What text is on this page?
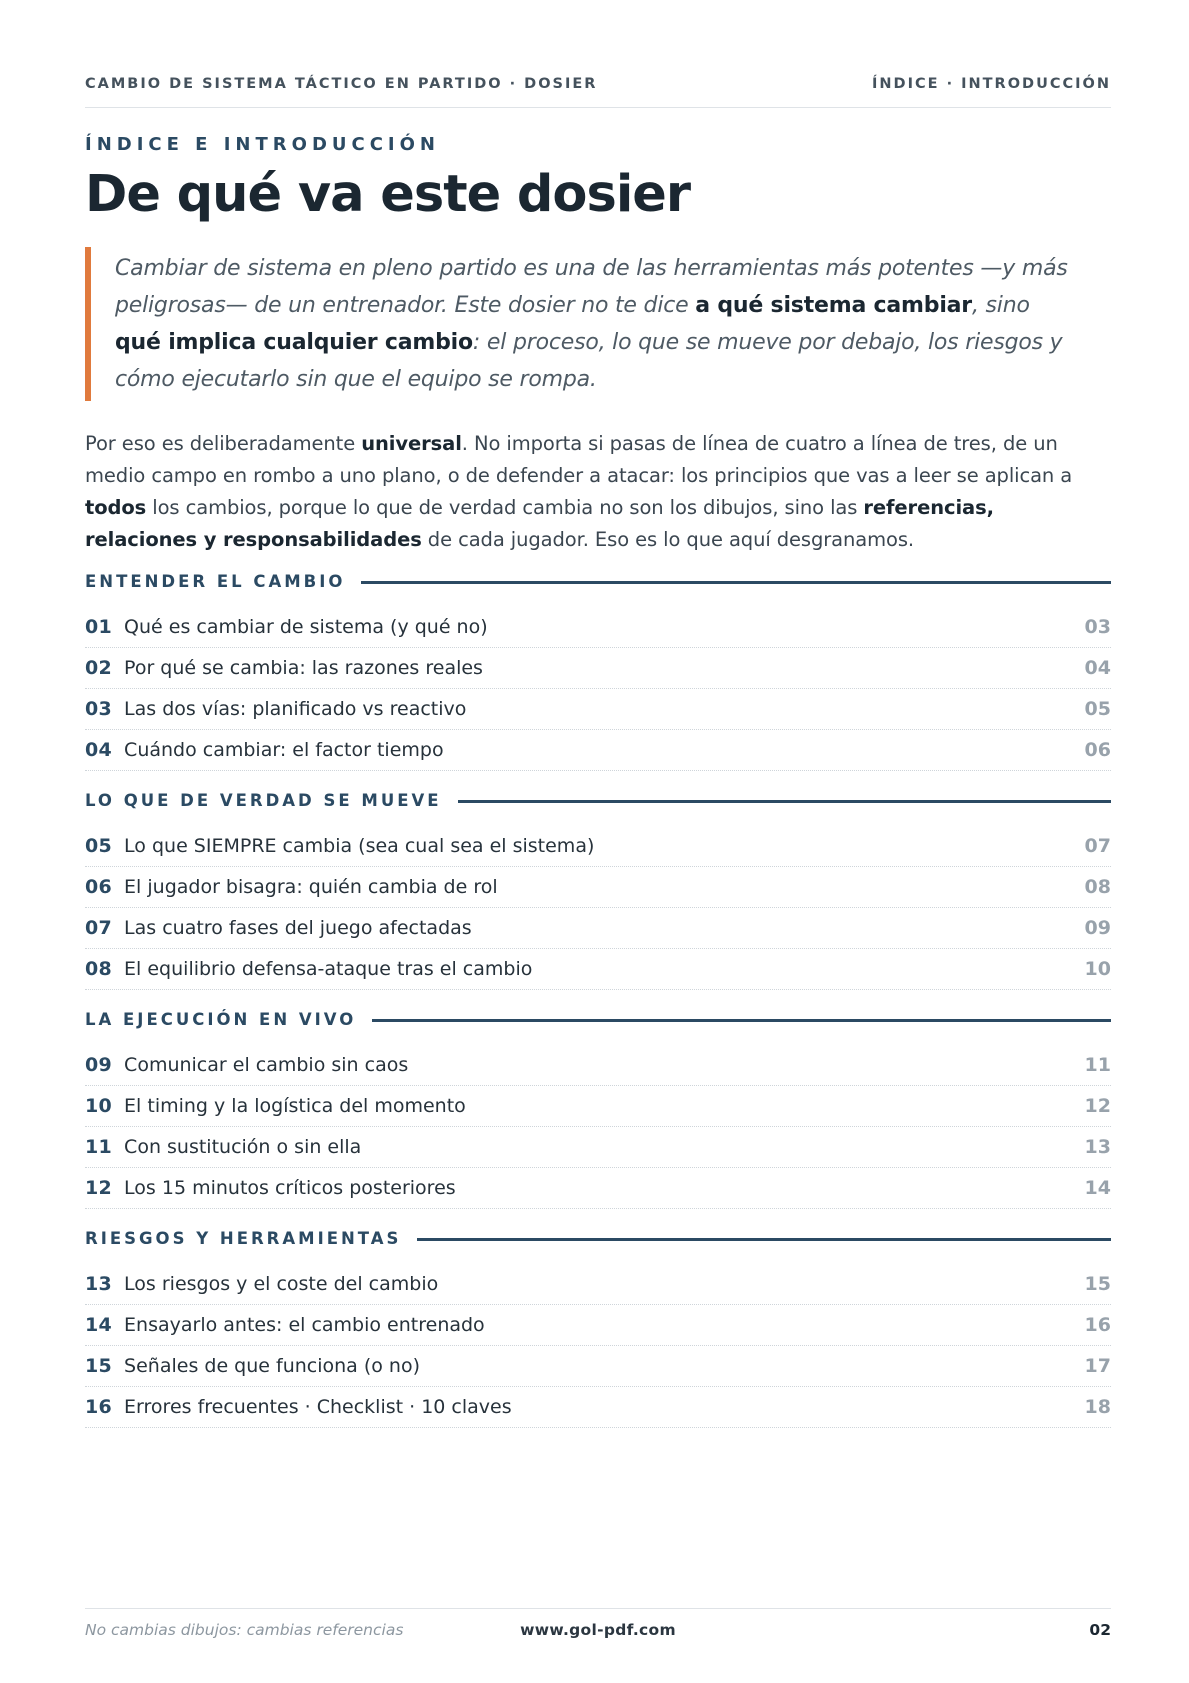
CAMBIO DE SISTEMA TÁCTICO EN PARTIDO · DOSIER	ÍNDICE · INTRODUCCIÓN
ÍNDICE E INTRODUCCIÓN
De qué va este dosier

Cambiar de sistema en pleno partido es una de las herramientas más potentes —y más peligrosas— de un entrenador. Este dosier no te dice a qué sistema cambiar, sino qué implica cualquier cambio: el proceso, lo que se mueve por debajo, los riesgos y cómo ejecutarlo sin que el equipo se rompa.

Por eso es deliberadamente universal. No importa si pasas de línea de cuatro a línea de tres, de un medio campo en rombo a uno plano, o de defender a atacar: los principios que vas a leer se aplican a todos los cambios, porque lo que de verdad cambia no son los dibujos, sino las referencias, relaciones y responsabilidades de cada jugador. Eso es lo que aquí desgranamos.

ENTENDER EL CAMBIO
01 Qué es cambiar de sistema (y qué no)	03
02 Por qué se cambia: las razones reales	04
03 Las dos vías: planificado vs reactivo	05
04 Cuándo cambiar: el factor tiempo	06
LO QUE DE VERDAD SE MUEVE
05 Lo que SIEMPRE cambia (sea cual sea el sistema)	07
06 El jugador bisagra: quién cambia de rol	08
07 Las cuatro fases del juego afectadas	09
08 El equilibrio defensa-ataque tras el cambio	10
LA EJECUCIÓN EN VIVO
09 Comunicar el cambio sin caos	11
10 El timing y la logística del momento	12
11 Con sustitución o sin ella	13
12 Los 15 minutos críticos posteriores	14
RIESGOS Y HERRAMIENTAS
13 Los riesgos y el coste del cambio	15
14 Ensayarlo antes: el cambio entrenado	16
15 Señales de que funciona (o no)	17
16 Errores frecuentes · Checklist · 10 claves	18
No cambias dibujos: cambias referencias	www.gol-pdf.com	02
